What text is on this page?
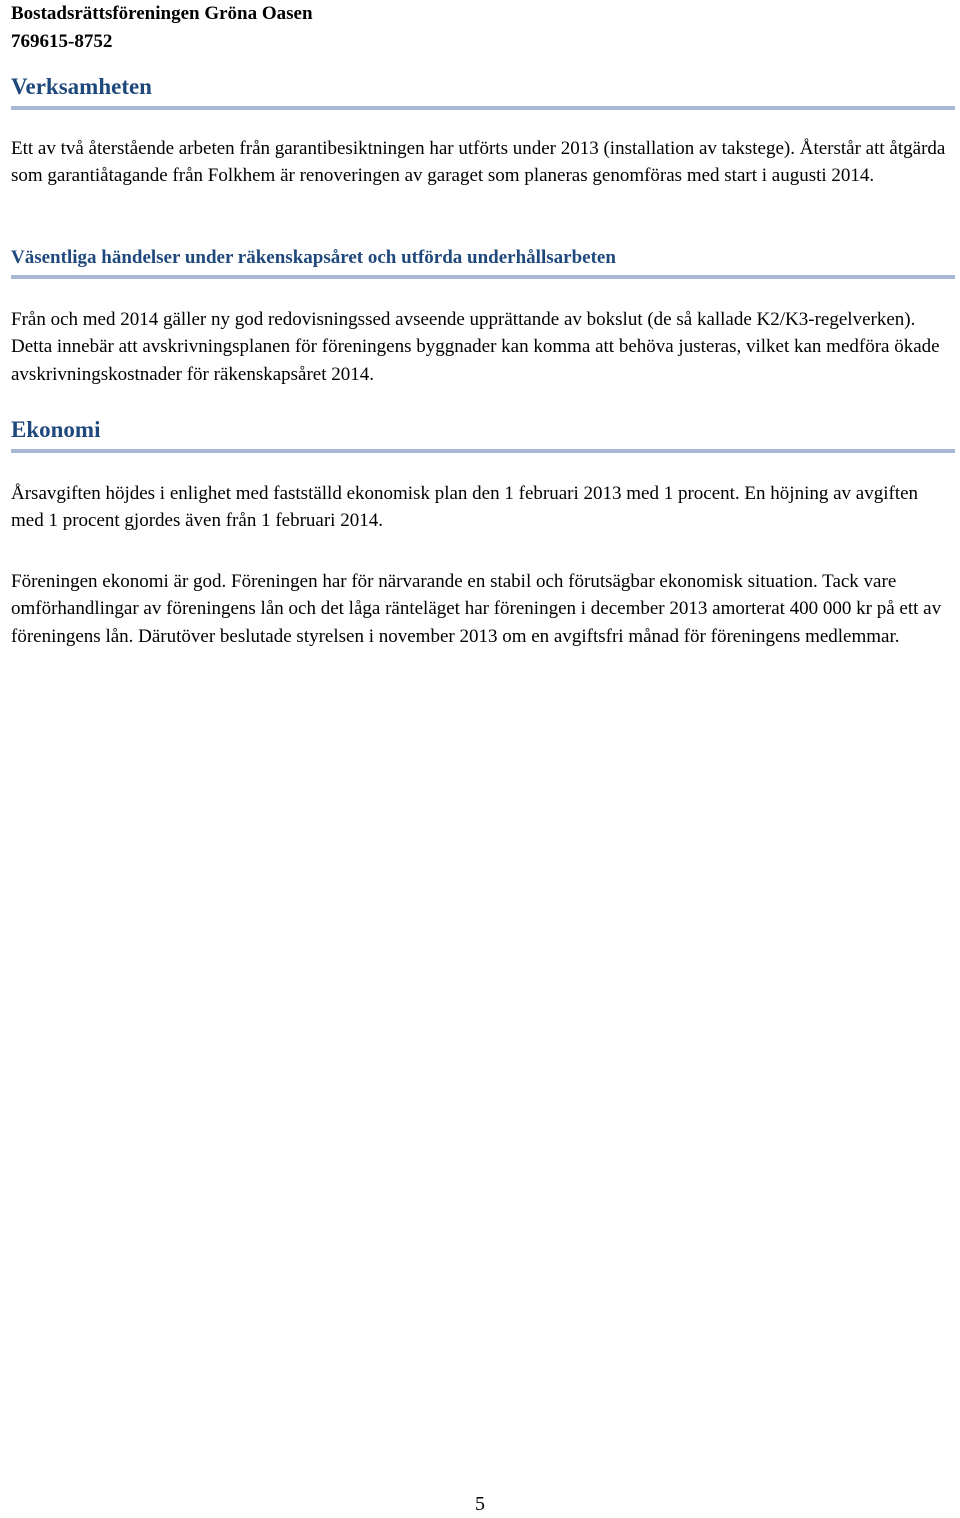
Bostadsrättsföreningen Gröna Oasen
769615-8752
Verksamheten
Ett av två återstående arbeten från garantibesiktningen har utförts under 2013 (installation av takstege). Återstår att åtgärda som garantiåtagande från Folkhem är renoveringen av garaget som planeras genomföras med start i augusti 2014.
Väsentliga händelser under räkenskapsåret och utförda underhållsarbeten
Från och med 2014 gäller ny god redovisningssed avseende upprättande av bokslut (de så kallade K2/K3-regelverken). Detta innebär att avskrivningsplanen för föreningens byggnader kan komma att behöva justeras, vilket kan medföra ökade avskrivningskostnader för räkenskapsåret 2014.
Ekonomi
Årsavgiften höjdes i enlighet med fastställd ekonomisk plan den 1 februari 2013 med 1 procent. En höjning av avgiften med 1 procent gjordes även från 1 februari 2014.
Föreningen ekonomi är god. Föreningen har för närvarande en stabil och förutsägbar ekonomisk situation. Tack vare omförhandlingar av föreningens lån och det låga ränteläget har föreningen i december 2013 amorterat 400 000 kr på ett av föreningens lån. Därutöver beslutade styrelsen i november 2013 om en avgiftsfri månad för föreningens medlemmar.
5
